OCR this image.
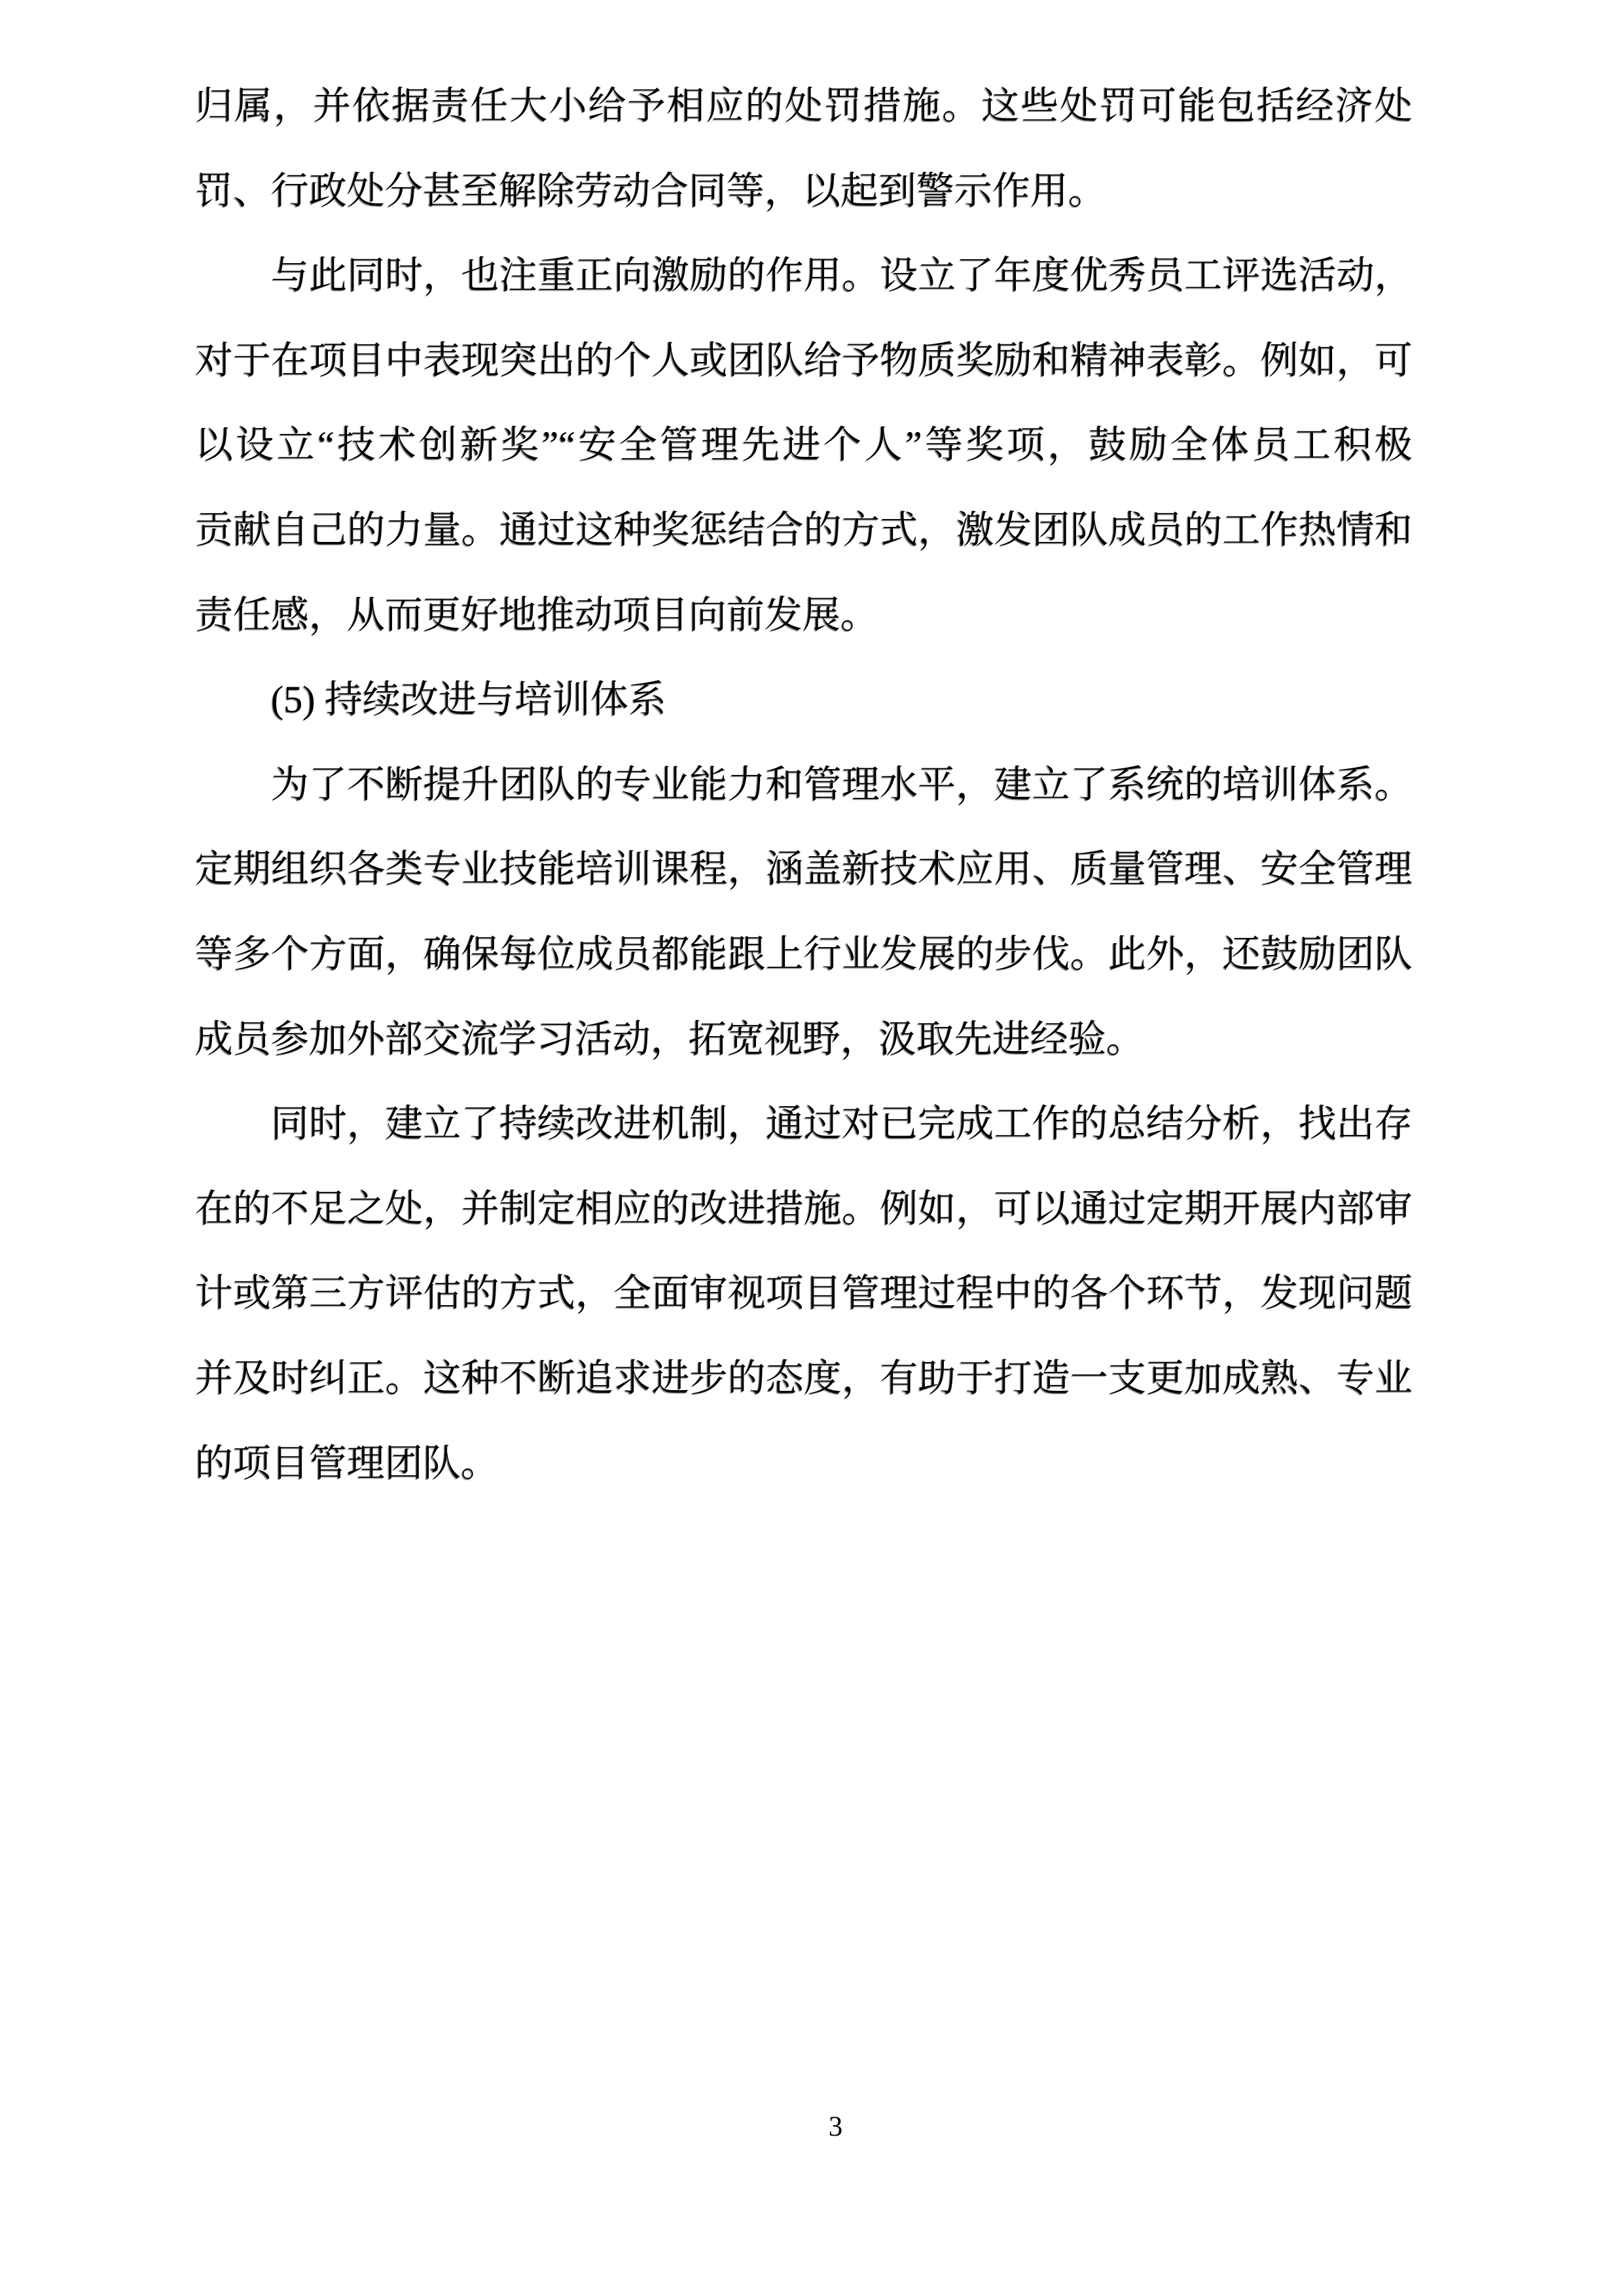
归属，并依据责任大小给予相应的处罚措施。这些处罚可能包括经济处
罚、行政处分甚至解除劳动合同等，以起到警示作用。
与此同时，也注重正向激励的作用。设立了年度优秀员工评选活动，
对于在项目中表现突出的个人或团队给予物质奖励和精神表彰。例如，可
以设立“技术创新奖”“安全管理先进个人”等奖项，鼓励全体员工积极
贡献自己的力量。通过这种奖惩结合的方式，激发团队成员的工作热情和
责任感，从而更好地推动项目向前发展。
(5) 持续改进与培训体系
为了不断提升团队的专业能力和管理水平，建立了系统的培训体系。
定期组织各类专业技能培训课程，涵盖新技术应用、质量管理、安全管理
等多个方面，确保每位成员都能跟上行业发展的步伐。此外，还鼓励团队
成员参加外部交流学习活动，拓宽视野，汲取先进经验。
同时，建立了持续改进机制，通过对已完成工作的总结分析，找出存
在的不足之处，并制定相应的改进措施。例如，可以通过定期开展内部审
计或第三方评估的方式，全面审视项目管理过程中的各个环节，发现问题
并及时纠正。这种不断追求进步的态度，有助于打造一支更加成熟、专业
的项目管理团队。
3
